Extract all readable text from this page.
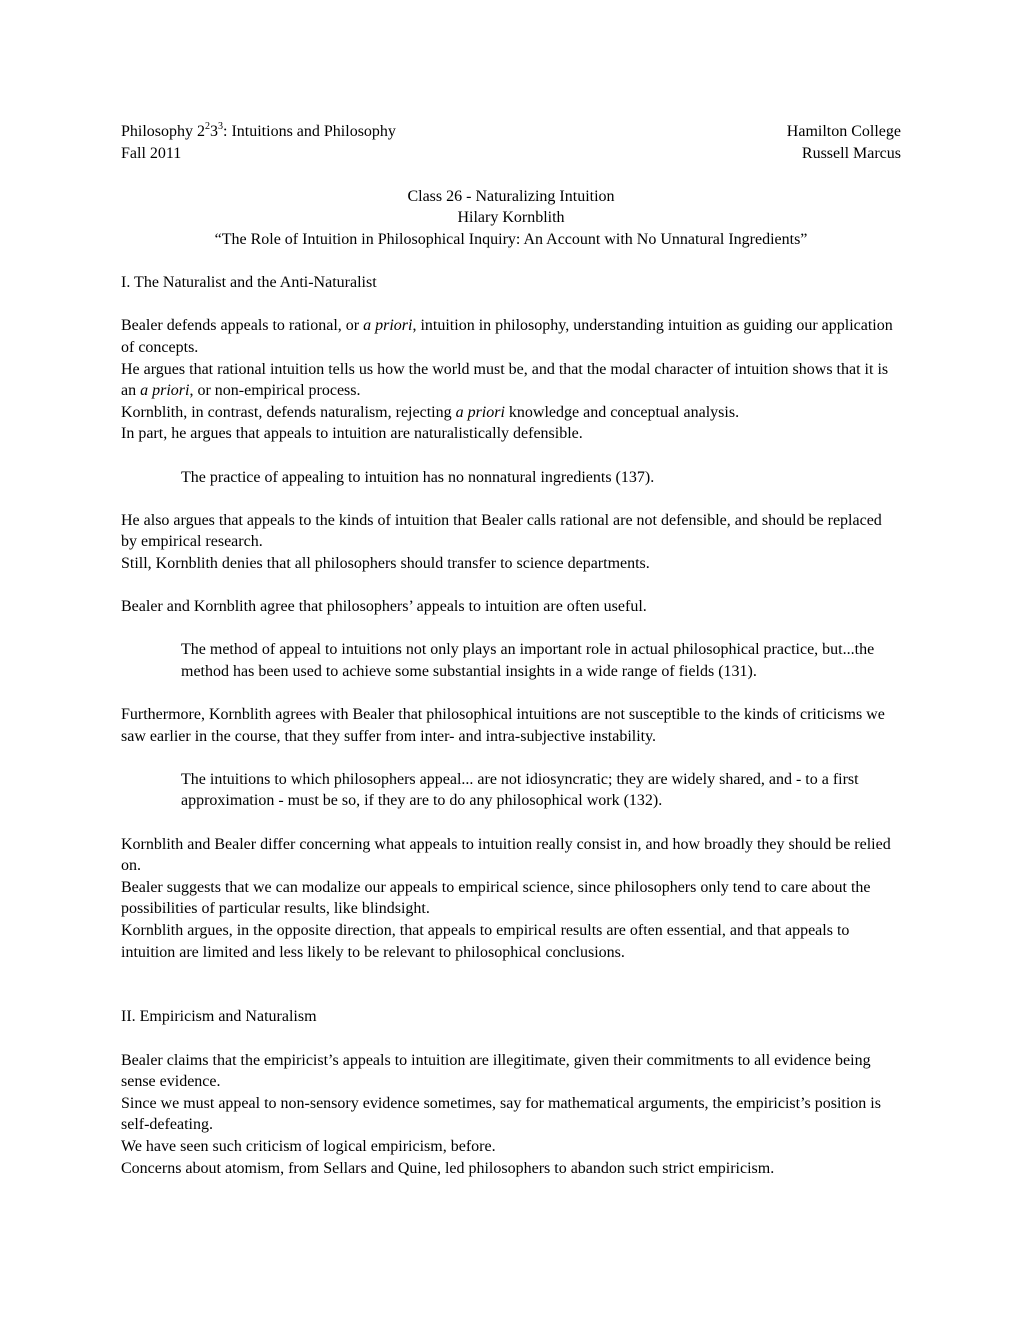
Philosophy $2^23^3$: Intuitions and Philosophy	Hamilton College
Fall 2011	Russell Marcus
Class 26 - Naturalizing Intuition
Hilary Kornblith
“The Role of Intuition in Philosophical Inquiry: An Account with No Unnatural Ingredients”

I. The Naturalist and the Anti-Naturalist

Bealer defends appeals to rational, or a priori, intuition in philosophy, understanding intuition as guiding our application of concepts.

He argues that rational intuition tells us how the world must be, and that the modal character of intuition shows that it is an a priori, or non-empirical process.

Kornblith, in contrast, defends naturalism, rejecting a priori knowledge and conceptual analysis.

In part, he argues that appeals to intuition are naturalistically defensible.

The practice of appealing to intuition has no nonnatural ingredients (137).

He also argues that appeals to the kinds of intuition that Bealer calls rational are not defensible, and should be replaced by empirical research.

Still, Kornblith denies that all philosophers should transfer to science departments.

Bealer and Kornblith agree that philosophers’ appeals to intuition are often useful.

The method of appeal to intuitions not only plays an important role in actual philosophical practice, but...the method has been used to achieve some substantial insights in a wide range of fields (131).

Furthermore, Kornblith agrees with Bealer that philosophical intuitions are not susceptible to the kinds of criticisms we saw earlier in the course, that they suffer from inter- and intra-subjective instability.

The intuitions to which philosophers appeal... are not idiosyncratic; they are widely shared, and - to a first approximation - must be so, if they are to do any philosophical work (132).

Kornblith and Bealer differ concerning what appeals to intuition really consist in, and how broadly they should be relied on.

Bealer suggests that we can modalize our appeals to empirical science, since philosophers only tend to care about the possibilities of particular results, like blindsight.

Kornblith argues, in the opposite direction, that appeals to empirical results are often essential, and that appeals to intuition are limited and less likely to be relevant to philosophical conclusions.

II. Empiricism and Naturalism

Bealer claims that the empiricist’s appeals to intuition are illegitimate, given their commitments to all evidence being sense evidence.

Since we must appeal to non-sensory evidence sometimes, say for mathematical arguments, the empiricist’s position is self-defeating.

We have seen such criticism of logical empiricism, before.

Concerns about atomism, from Sellars and Quine, led philosophers to abandon such strict empiricism.
